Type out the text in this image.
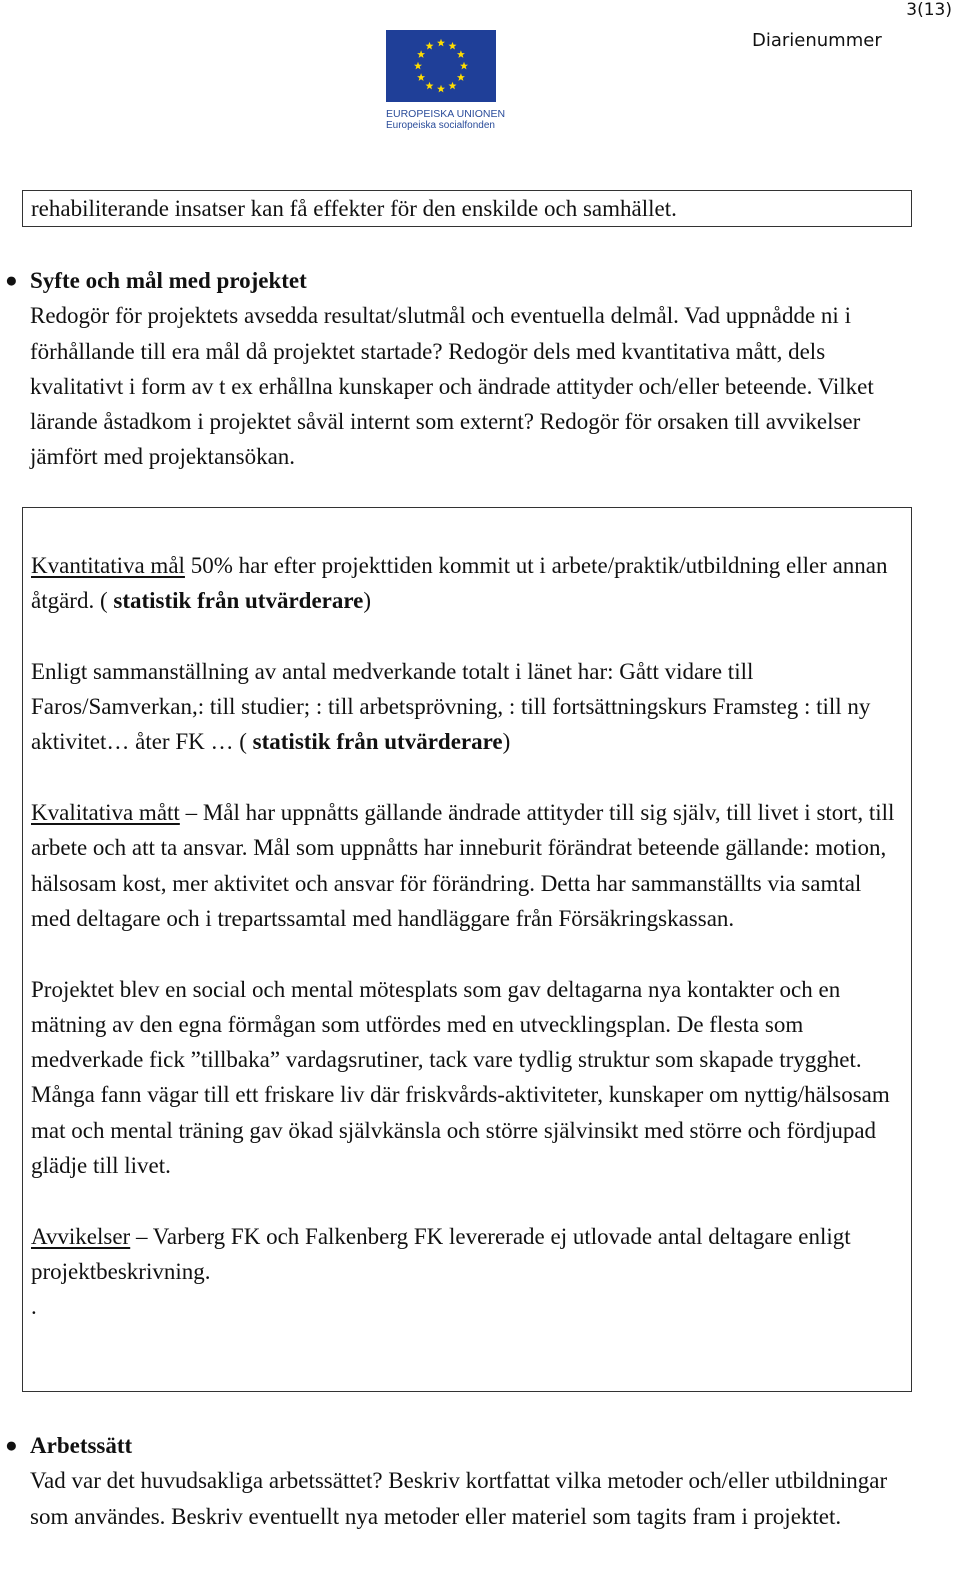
3(13)
Diarienummer
EUROPEISKA UNIONEN
Europeiska socialfonden
rehabiliterande insatser kan få effekter för den enskilde och samhället.
● Syfte och mål med projektet
Redogör för projektets avsedda resultat/slutmål och eventuella delmål. Vad uppnådde ni i förhållande till era mål då projektet startade? Redogör dels med kvantitativa mått, dels kvalitativt i form av t ex erhållna kunskaper och ändrade attityder och/eller beteende. Vilket lärande åstadkom i projektet såväl internt som externt? Redogör för orsaken till avvikelser jämfört med projektansökan.

Kvantitativa mål 50% har efter projekttiden kommit ut i arbete/praktik/utbildning eller annan åtgärd. ( statistik från utvärderare)

Enligt sammanställning av antal medverkande totalt i länet har: Gått vidare till Faros/Samverkan,: till studier; : till arbetsprövning, : till fortsättningskurs Framsteg : till ny aktivitet… åter FK … ( statistik från utvärderare)

Kvalitativa mått – Mål har uppnåtts gällande ändrade attityder till sig själv, till livet i stort, till arbete och att ta ansvar. Mål som uppnåtts har inneburit förändrat beteende gällande: motion, hälsosam kost, mer aktivitet och ansvar för förändring. Detta har sammanställts via samtal med deltagare och i trepartssamtal med handläggare från Försäkringskassan.

Projektet blev en social och mental mötesplats som gav deltagarna nya kontakter och en mätning av den egna förmågan som utfördes med en utvecklingsplan. De flesta som medverkade fick ”tillbaka” vardagsrutiner, tack vare tydlig struktur som skapade trygghet. Många fann vägar till ett friskare liv där friskvårds-aktiviteter, kunskaper om nyttig/hälsosam mat och mental träning gav ökad självkänsla och större självinsikt med större och fördjupad glädje till livet.

Avvikelser – Varberg FK och Falkenberg FK levererade ej utlovade antal deltagare enligt projektbeskrivning.

.

● Arbetssätt
Vad var det huvudsakliga arbetssättet? Beskriv kortfattat vilka metoder och/eller utbildningar som användes. Beskriv eventuellt nya metoder eller materiel som tagits fram i projektet.
